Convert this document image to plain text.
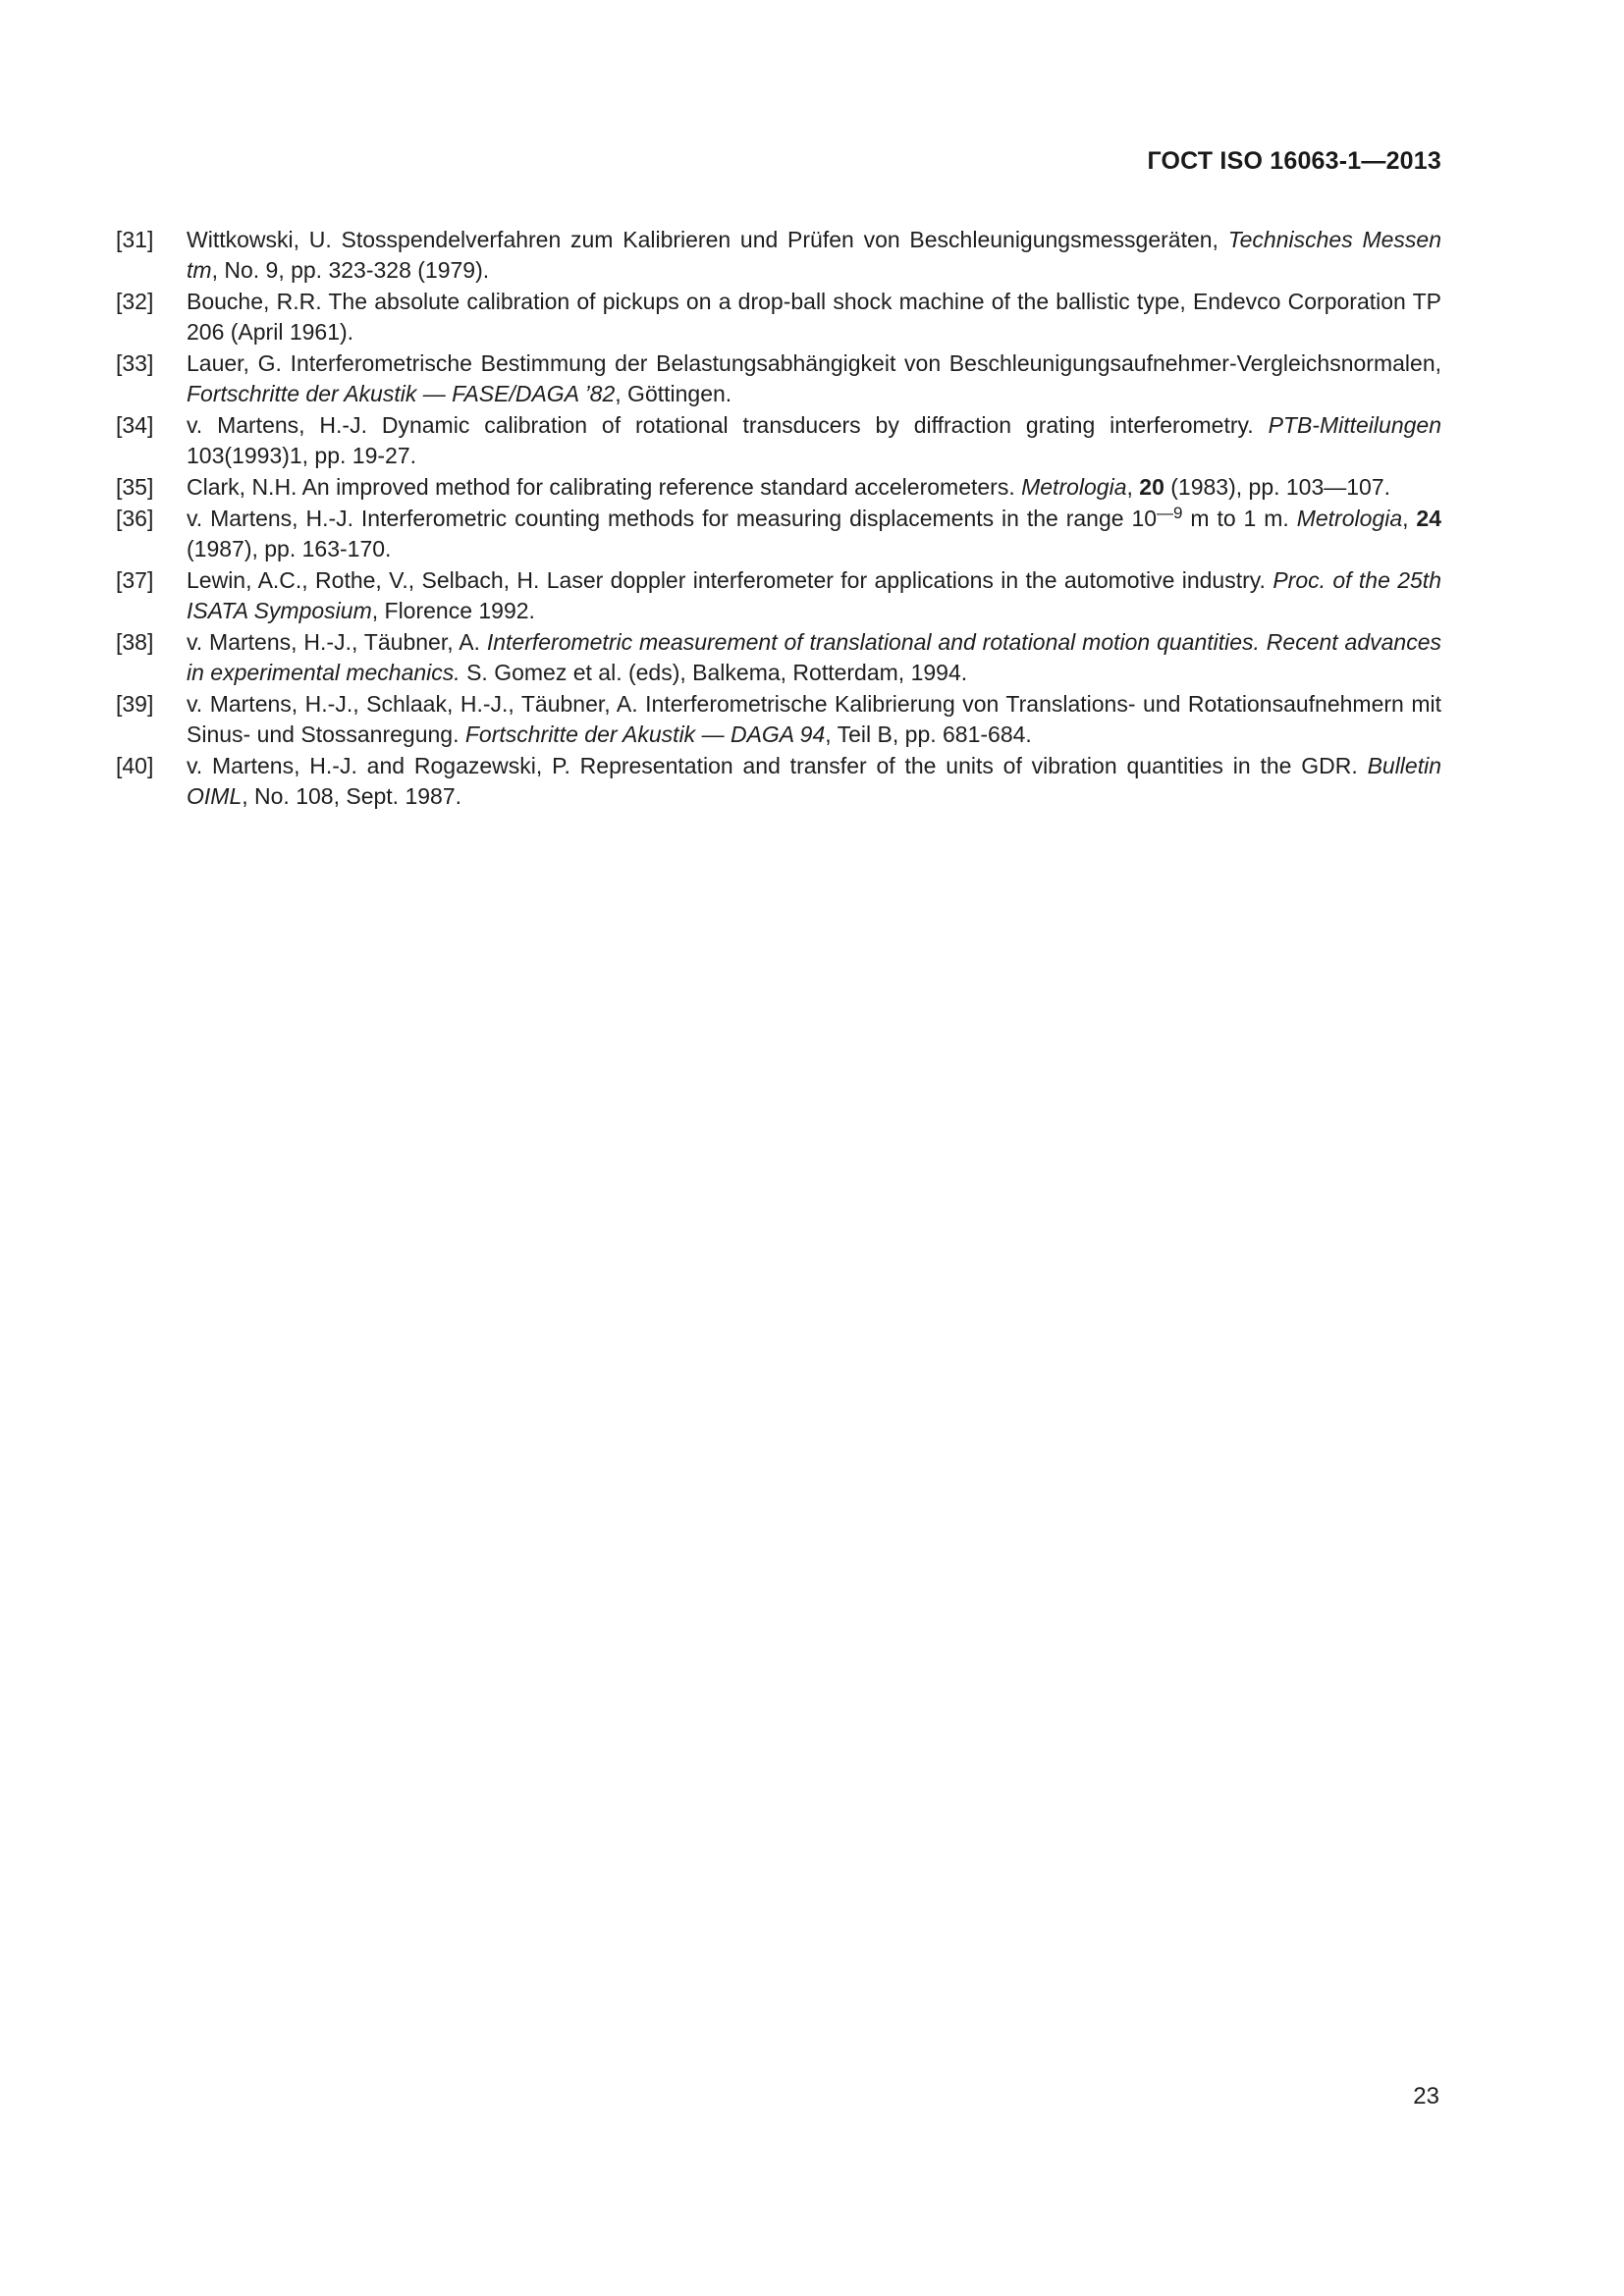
ГОСТ ISO 16063-1—2013
[31]	Wittkowski, U. Stosspendelverfahren zum Kalibrieren und Prüfen von Beschleunigungsmessgeräten, Technisches Messen tm, No. 9, pp. 323-328 (1979).
[32]	Bouche, R.R. The absolute calibration of pickups on a drop-ball shock machine of the ballistic type, Endevco Corporation TP 206 (April 1961).
[33]	Lauer, G. Interferometrische Bestimmung der Belastungsabhängigkeit von Beschleunigungsaufnehmer-Vergleichsnormalen, Fortschritte der Akustik — FASE/DAGA ’82, Göttingen.
[34]	v. Martens, H.-J. Dynamic calibration of rotational transducers by diffraction grating interferometry. PTB-Mitteilungen 103(1993)1, pp. 19-27.
[35]	Clark, N.H. An improved method for calibrating reference standard accelerometers. Metrologia, 20 (1983), pp. 103—107.
[36]	v. Martens, H.-J. Interferometric counting methods for measuring displacements in the range $10^{—9}$ m to 1 m. Metrologia, 24 (1987), pp. 163-170.
[37]	Lewin, A.C., Rothe, V., Selbach, H. Laser doppler interferometer for applications in the automotive industry. Proc. of the 25th ISATA Symposium, Florence 1992.
[38]	v. Martens, H.-J., Täubner, A. Interferometric measurement of translational and rotational motion quantities. Recent advances in experimental mechanics. S. Gomez et al. (eds), Balkema, Rotterdam, 1994.
[39]	v. Martens, H.-J., Schlaak, H.-J., Täubner, A. Interferometrische Kalibrierung von Translations- und Rotationsaufnehmern mit Sinus- und Stossanregung. Fortschritte der Akustik — DAGA 94, Teil B, pp. 681-684.
[40]	v. Martens, H.-J. and Rogazewski, P. Representation and transfer of the units of vibration quantities in the GDR. Bulletin OIML, No. 108, Sept. 1987.
23
